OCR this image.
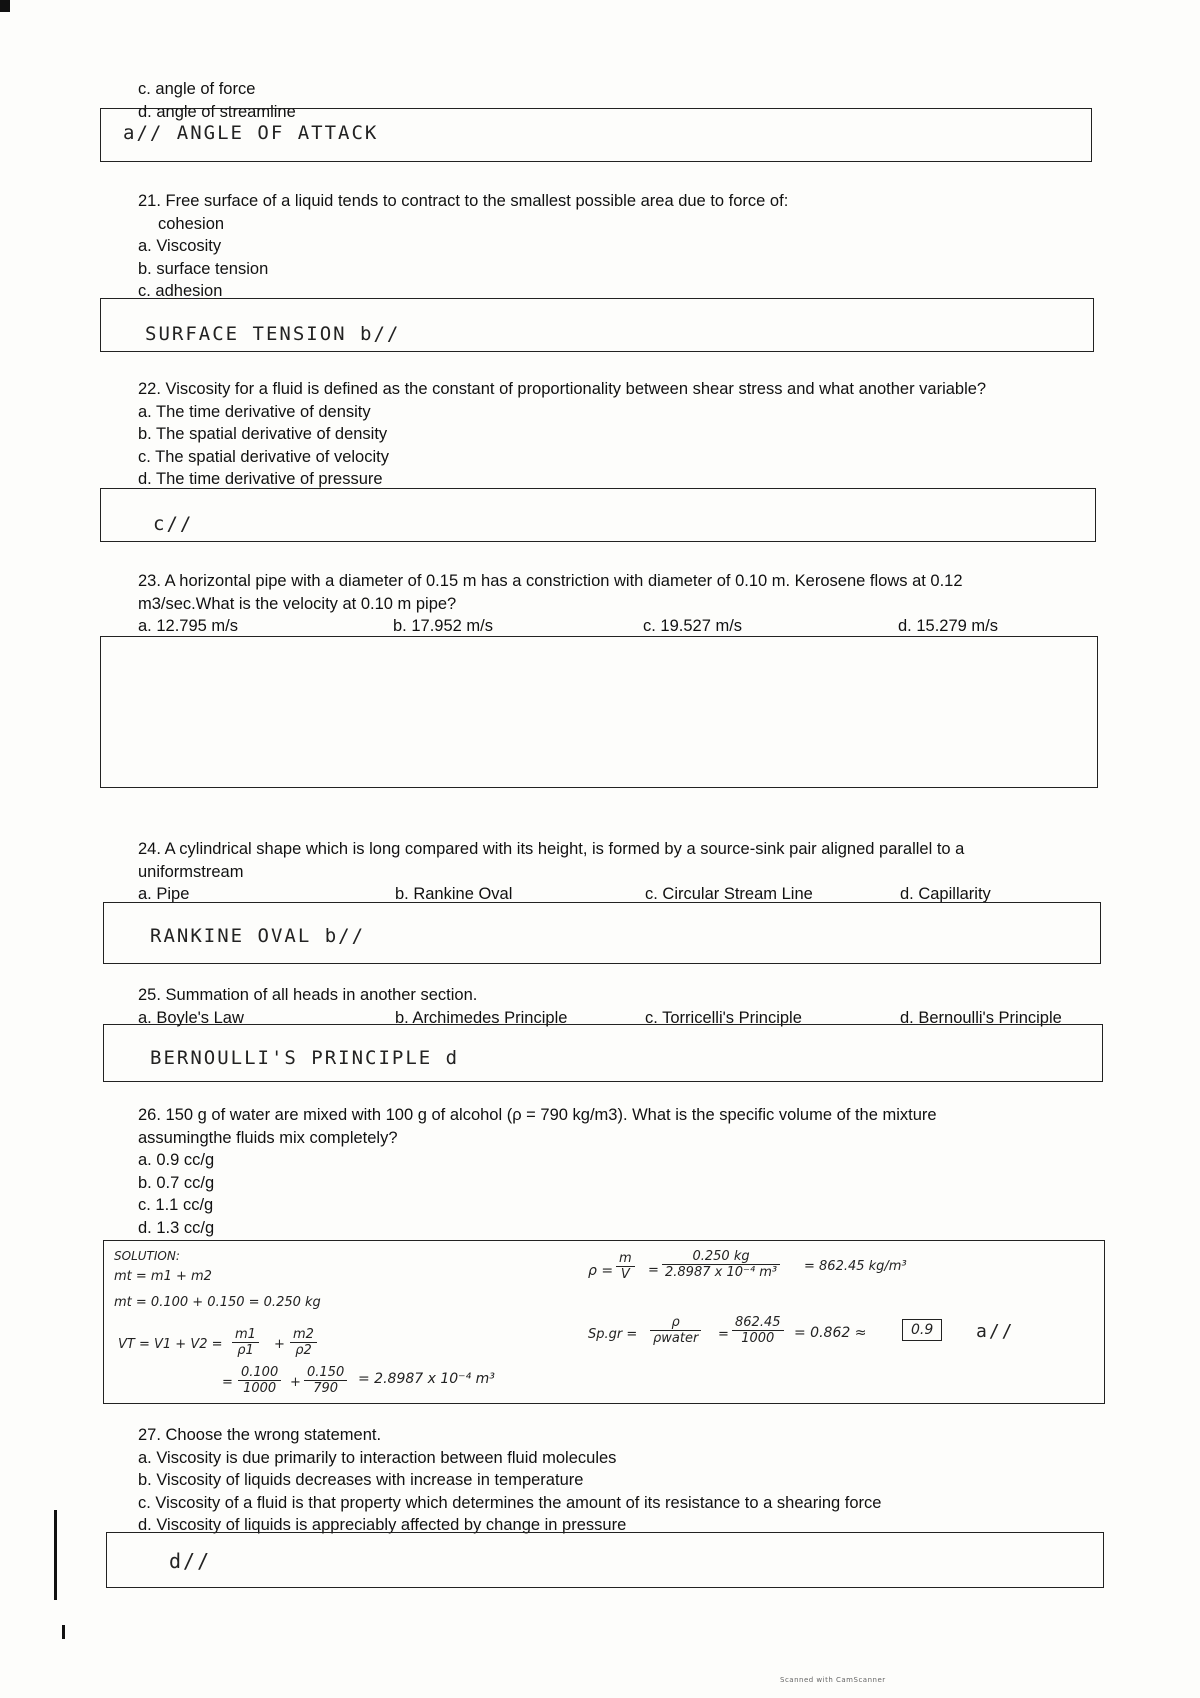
c. angle of force
d. angle of streamline
a// ANGLE OF ATTACK
21. Free surface of a liquid tends to contract to the smallest possible area due to force of:
cohesion
a. Viscosity
b. surface tension
c. adhesion
SURFACE TENSION b//
22. Viscosity for a fluid is defined as the constant of proportionality between shear stress and what another variable?
a. The time derivative of density
b. The spatial derivative of density
c. The spatial derivative of velocity
d. The time derivative of pressure
c//
23. A horizontal pipe with a diameter of 0.15 m has a constriction with diameter of 0.10 m. Kerosene flows at 0.12
m3/sec.What is the velocity at 0.10 m pipe?
a. 12.795 m/s	b. 17.952 m/s	c. 19.527 m/s	d. 15.279 m/s
24. A cylindrical shape which is long compared with its height, is formed by a source-sink pair aligned parallel to a
uniformstream
a. Pipe	b. Rankine Oval	c. Circular Stream Line	d. Capillarity
RANKINE OVAL b//
25. Summation of all heads in another section.
a. Boyle's Law	b. Archimedes Principle	c. Torricelli's Principle	d. Bernoulli's Principle
BERNOULLI'S PRINCIPLE d
26. 150 g of water are mixed with 100 g of alcohol (ρ = 790 kg/m3). What is the specific volume of the mixture
assumingthe fluids mix completely?
a. 0.9 cc/g
b. 0.7 cc/g
c. 1.1 cc/g
d. 1.3 cc/g
SOLUTION:
mt = m1 + m2
mt = 0.100 + 0.150 = 0.250 kg
VT = $V1 + V2 = \frac{m1}{\rho 1} + \frac{m2}{\rho 2}$
= $\frac{0.100}{1000} + \frac{0.150}{790} = 2.8987$ x 10⁻⁴ m³
$\rho = \frac{m}{V} = \frac{0.250 kg}{\text{2.8987 x 10⁻⁴ m³}} = 862.45$ kg/m³
Sp.gr =
ρ
ρwater = $\frac{862.45}{1000} = 0.862$ ≈	0.9	a//
27. Choose the wrong statement.
a. Viscosity is due primarily to interaction between fluid molecules
b. Viscosity of liquids decreases with increase in temperature
c. Viscosity of a fluid is that property which determines the amount of its resistance to a shearing force
d. Viscosity of liquids is appreciably affected by change in pressure
d//
Scanned with CamScanner
